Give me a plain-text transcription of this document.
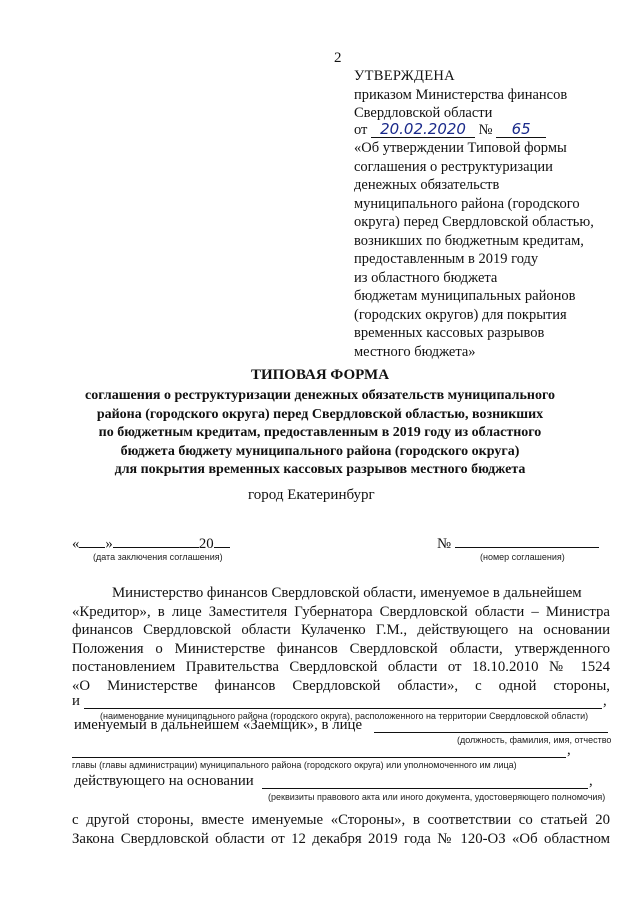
2
УТВЕРЖДЕНА
приказом Министерства финансов
Свердловской области
от 20.02.2020 № 65
«Об утверждении Типовой формы
соглашения о реструктуризации
денежных обязательств
муниципального района (городского
округа) перед Свердловской областью,
возникших по бюджетным кредитам,
предоставленным в 2019 году
из областного бюджета
бюджетам муниципальных районов
(городских округов) для покрытия
временных кассовых разрывов
местного бюджета»
ТИПОВАЯ ФОРМА
соглашения о реструктуризации денежных обязательств муниципального
района (городского округа) перед Свердловской областью, возникших
по бюджетным кредитам, предоставленным в 2019 году из областного
бюджета бюджету муниципального района (городского округа)
для покрытия временных кассовых разрывов местного бюджета
город Екатеринбург
« »	20
(дата заключения соглашения)
№
(номер соглашения)
Министерство финансов Свердловской области, именуемое в дальнейшем
«Кредитор», в лице Заместителя Губернатора Свердловской области – Министра
финансов Свердловской области Кулаченко Г.М., действующего на основании
Положения о Министерстве финансов Свердловской области, утвержденного
постановлением Правительства Свердловской области от 18.10.2010 № 1524
«О Министерстве финансов Свердловской области», с одной стороны,
и	,
(наименование муниципального района (городского округа), расположенного на территории Свердловской области)
именуемый в дальнейшем «Заемщик», в лице
(должность, фамилия, имя, отчество
,
главы (главы администрации) муниципального района (городского округа) или уполномоченного им лица)
действующего на основании	,
(реквизиты правового акта или иного документа, удостоверяющего полномочия)
с другой стороны, вместе именуемые «Стороны», в соответствии со статьей 20
Закона Свердловской области от 12 декабря 2019 года № 120-ОЗ «Об областном
